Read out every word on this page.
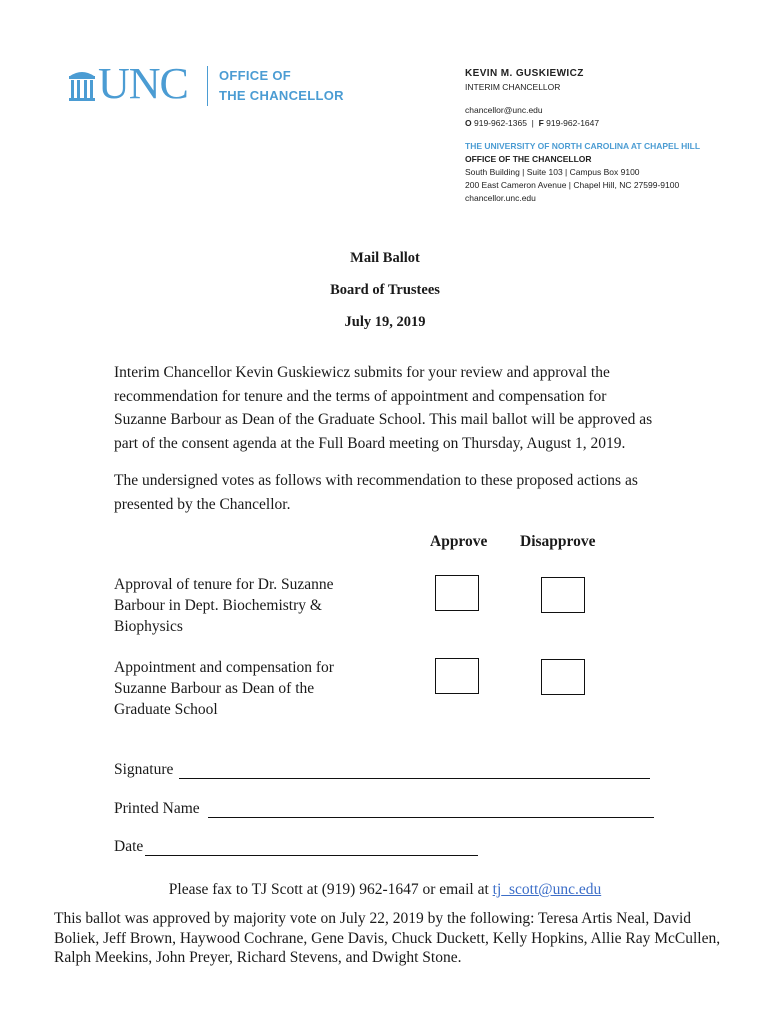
UNC OFFICE OF
THE CHANCELLOR
KEVIN M. GUSKIEWICZ
INTERIM CHANCELLOR
chancellor@unc.edu
O 919-962-1365  |  F 919-962-1647
THE UNIVERSITY OF NORTH CAROLINA AT CHAPEL HILL
OFFICE OF THE CHANCELLOR
South Building | Suite 103 | Campus Box 9100
200 East Cameron Avenue | Chapel Hill, NC 27599-9100
chancellor.unc.edu
Mail Ballot
Board of Trustees
July 19, 2019
Interim Chancellor Kevin Guskiewicz submits for your review and approval the
recommendation for tenure and the terms of appointment and compensation for
Suzanne Barbour as Dean of the Graduate School. This mail ballot will be approved as
part of the consent agenda at the Full Board meeting on Thursday, August 1, 2019.
The undersigned votes as follows with recommendation to these proposed actions as
presented by the Chancellor.
Approve Disapprove
Approval of tenure for Dr. Suzanne
Barbour in Dept. Biochemistry &
Biophysics
Appointment and compensation for
Suzanne Barbour as Dean of the
Graduate School
Signature
Printed Name
Date
Please fax to TJ Scott at (919) 962-1647 or email at tj_scott@unc.edu
This ballot was approved by majority vote on July 22, 2019 by the following: Teresa Artis Neal, David
Boliek, Jeff Brown, Haywood Cochrane, Gene Davis, Chuck Duckett, Kelly Hopkins, Allie Ray McCullen,
Ralph Meekins, John Preyer, Richard Stevens, and Dwight Stone.
